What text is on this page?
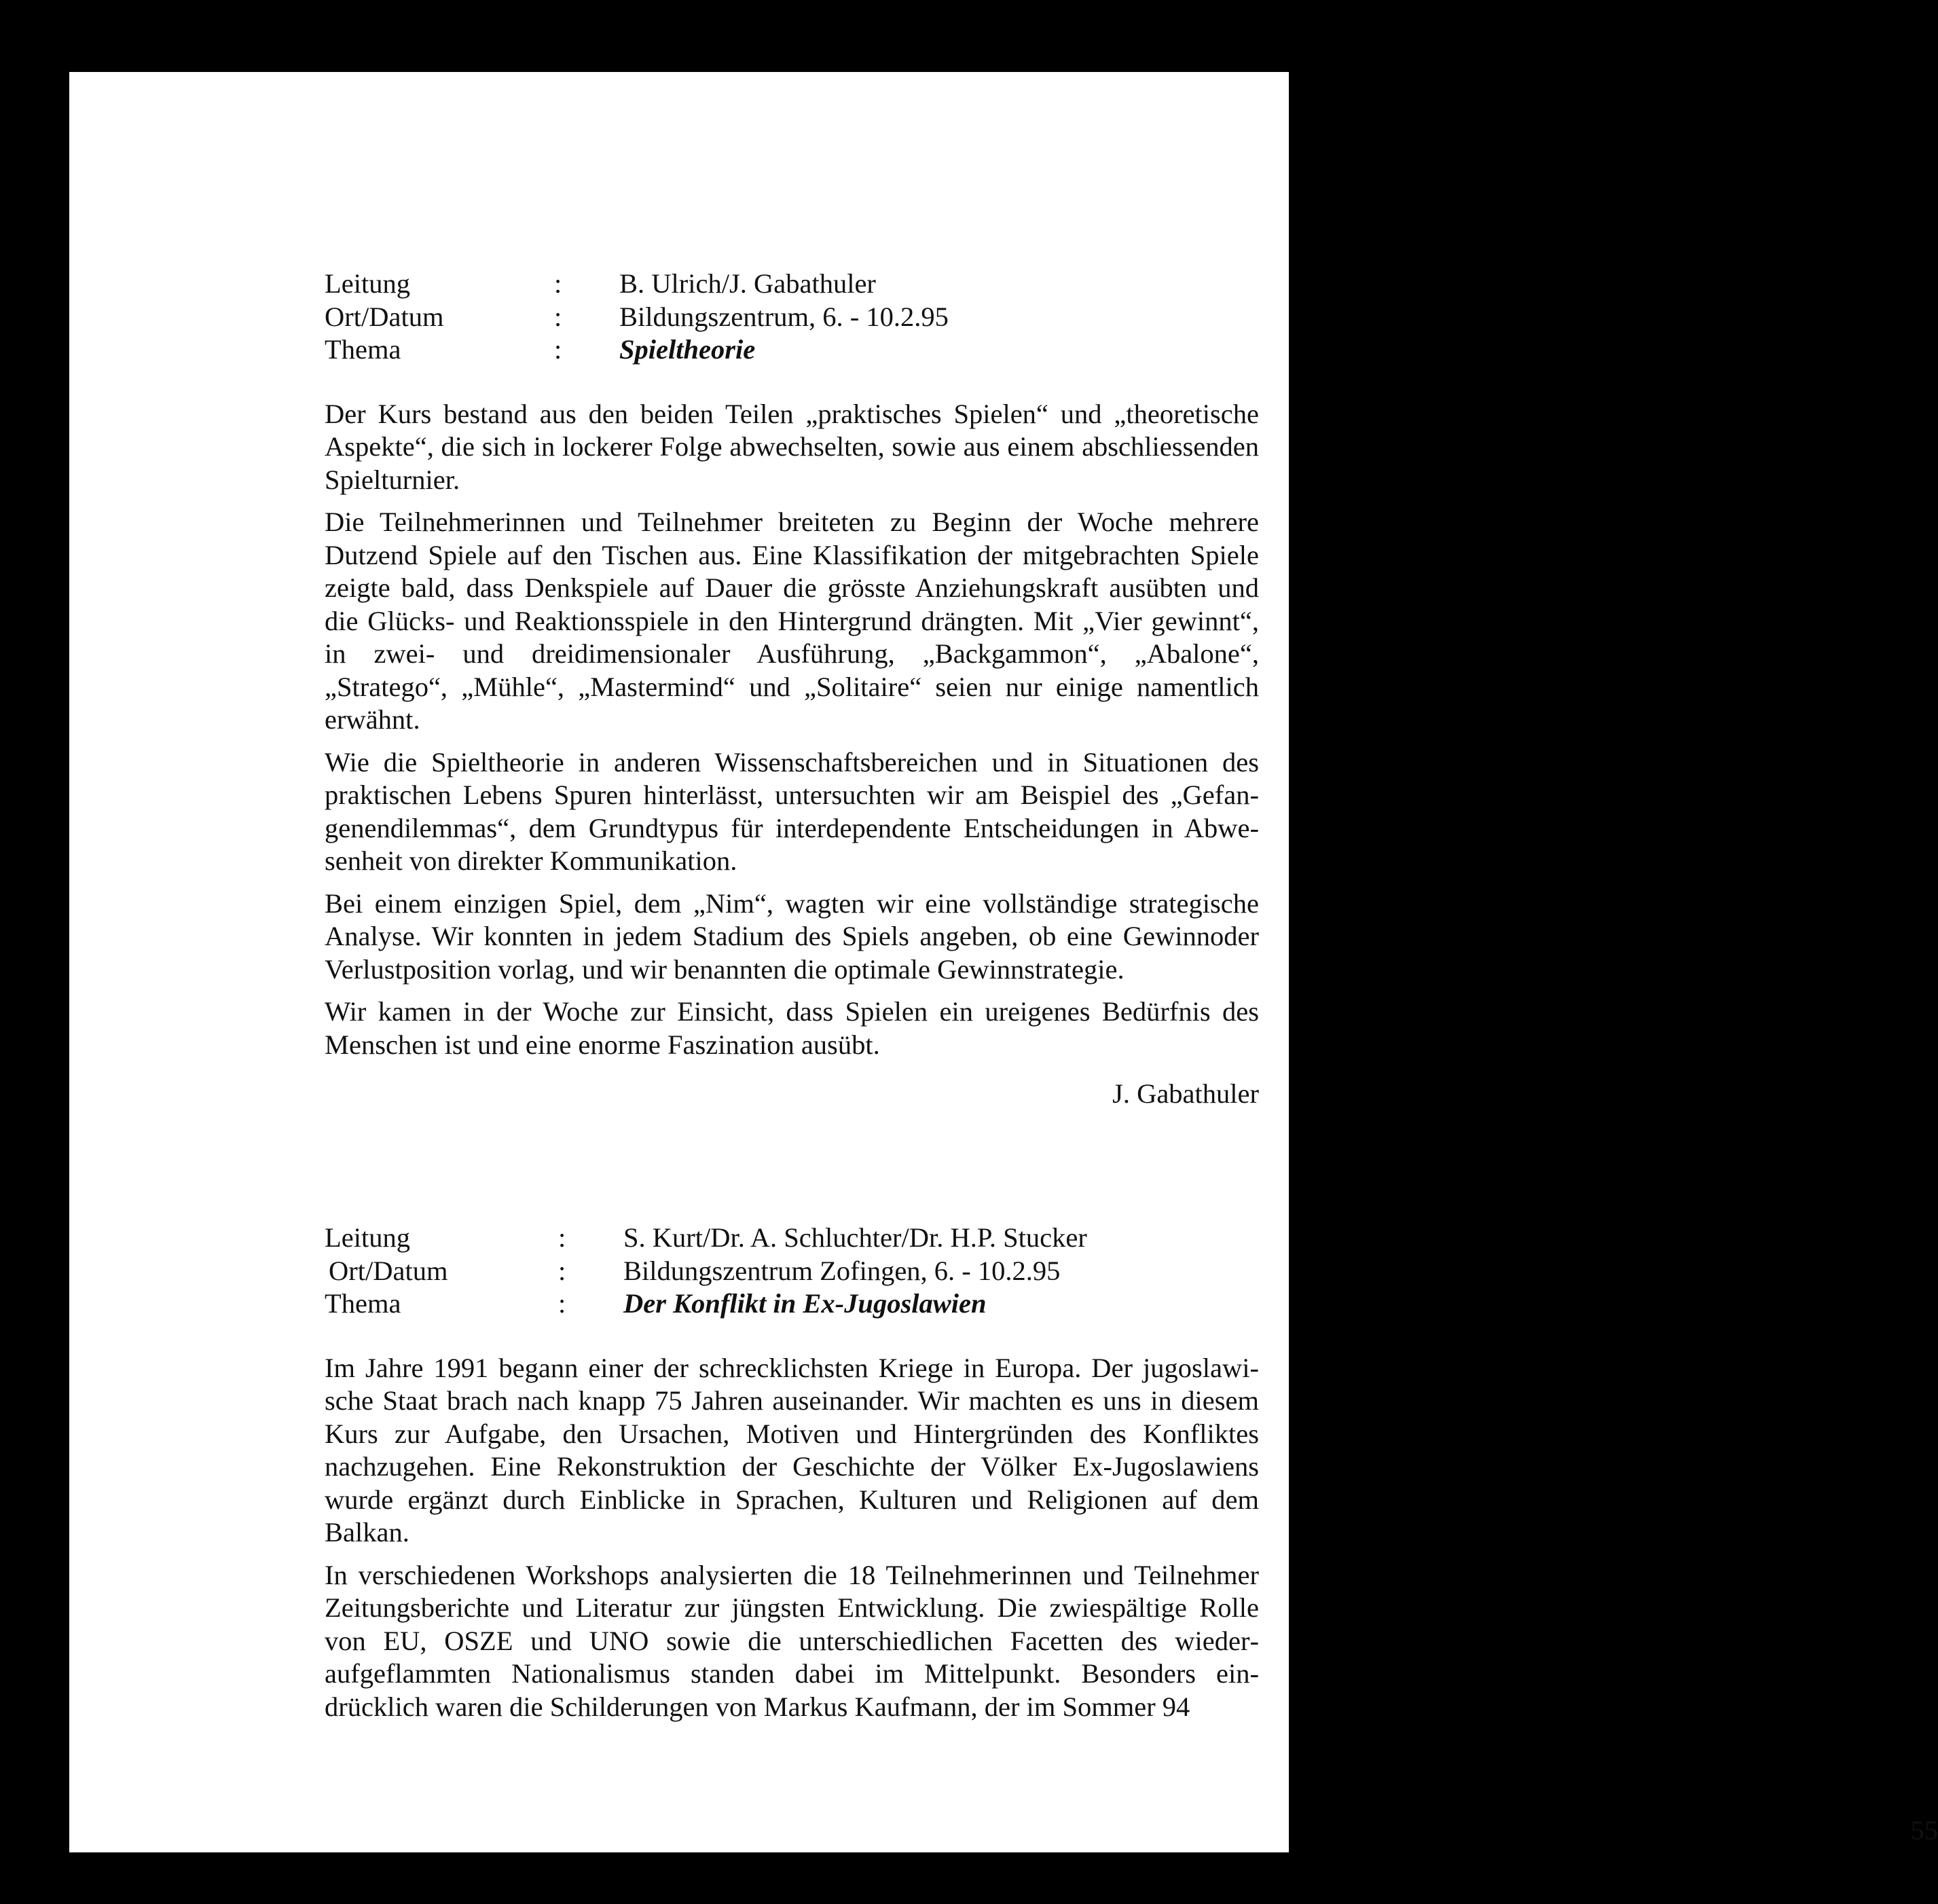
Leitung	:	B. Ulrich/J. Gabathuler
Ort/Datum	:	Bildungszentrum, 6. - 10.2.95
Thema	:	Spieltheorie

Der Kurs bestand aus den beiden Teilen „praktisches Spielen“ und „theoretische Aspekte“, die sich in lockerer Folge abwechselten, sowie aus einem abschliessenden Spielturnier.

Die Teilnehmerinnen und Teilnehmer breiteten zu Beginn der Woche mehrere Dutzend Spiele auf den Tischen aus. Eine Klassifikation der mitgebrachten Spiele zeigte bald, dass Denkspiele auf Dauer die grösste Anziehungskraft ausübten und die Glücks- und Reaktionsspiele in den Hintergrund drängten. Mit „Vier gewinnt“, in zwei- und dreidimensionaler Ausführung, „Backgammon“, „Abalone“, „Stratego“, „Mühle“, „Mastermind“ und „Solitaire“ seien nur einige namentlich erwähnt.

Wie die Spieltheorie in anderen Wissenschaftsbereichen und in Situationen des praktischen Lebens Spuren hinterlässt, untersuchten wir am Beispiel des „Gefangenendilemmas“, dem Grundtypus für interdependente Entscheidungen in Abwesenheit von direkter Kommunikation.

Bei einem einzigen Spiel, dem „Nim“, wagten wir eine vollständige strategische Analyse. Wir konnten in jedem Stadium des Spiels angeben, ob eine Gewinnoder Verlustposition vorlag, und wir benannten die optimale Gewinnstrategie.

Wir kamen in der Woche zur Einsicht, dass Spielen ein ureigenes Bedürfnis des Menschen ist und eine enorme Faszination ausübt.

J. Gabathuler
Leitung	:	S. Kurt/Dr. A. Schluchter/Dr. H.P. Stucker
Ort/Datum	:	Bildungszentrum Zofingen, 6. - 10.2.95
Thema	:	Der Konflikt in Ex-Jugoslawien

Im Jahre 1991 begann einer der schrecklichsten Kriege in Europa. Der jugoslawische Staat brach nach knapp 75 Jahren auseinander. Wir machten es uns in diesem Kurs zur Aufgabe, den Ursachen, Motiven und Hintergründen des Konfliktes nachzugehen. Eine Rekonstruktion der Geschichte der Völker Ex-Jugoslawiens wurde ergänzt durch Einblicke in Sprachen, Kulturen und Religionen auf dem Balkan.

In verschiedenen Workshops analysierten die 18 Teilnehmerinnen und Teilnehmer Zeitungsberichte und Literatur zur jüngsten Entwicklung. Die zwiespältige Rolle von EU, OSZE und UNO sowie die unterschiedlichen Facetten des wiederaufgeflammten Nationalismus standen dabei im Mittelpunkt. Besonders eindrücklich waren die Schilderungen von Markus Kaufmann, der im Sommer 94

55
